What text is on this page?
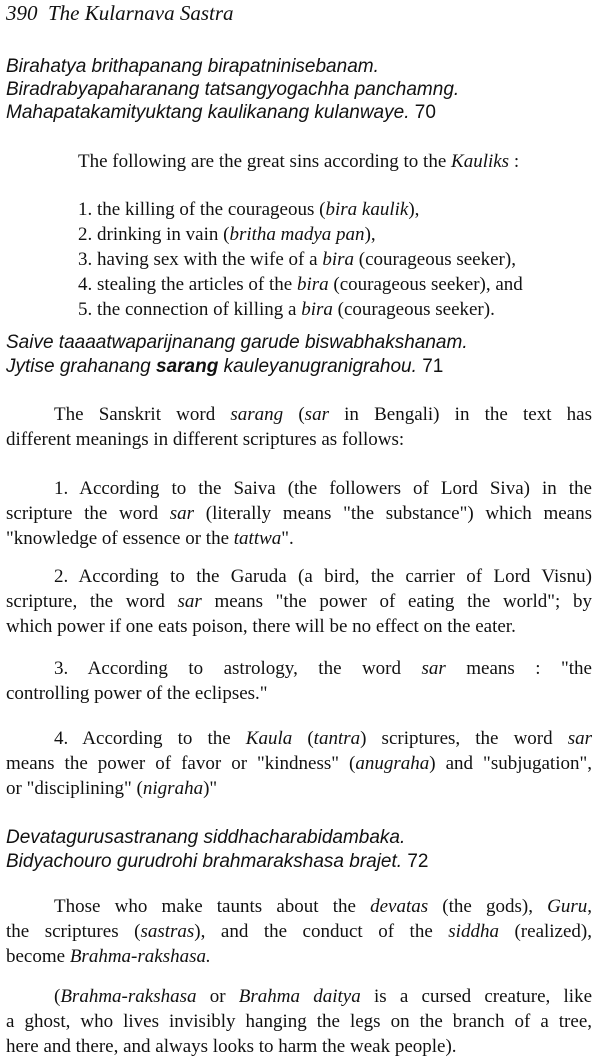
390 The Kularnava Sastra
Birahatya brithapanang birapatninisebanam.
Biradrabyapaharanang tatsangyogachha panchamng.
Mahapatakamityuktang kaulikanang kulanwaye. 70
The following are the great sins according to the Kauliks :
1. the killing of the courageous (bira kaulik),
2. drinking in vain (britha madya pan),
3. having sex with the wife of a bira (courageous seeker),
4. stealing the articles of the bira (courageous seeker), and
5. the connection of killing a bira (courageous seeker).
Saive taaaatwaparijnanang garude biswabhakshanam.
Jytise grahanang sarang kauleyanugranigrahou. 71
The Sanskrit word sarang (sar in Bengali) in the text has
different meanings in different scriptures as follows:
1. According to the Saiva (the followers of Lord Siva) in the
scripture the word sar (literally means "the substance") which means
"knowledge of essence or the tattwa".
2. According to the Garuda (a bird, the carrier of Lord Visnu)
scripture, the word sar means "the power of eating the world"; by
which power if one eats poison, there will be no effect on the eater.
3. According to astrology, the word sar means : "the
controlling power of the eclipses."
4. According to the Kaula (tantra) scriptures, the word sar
means the power of favor or "kindness" (anugraha) and "subjugation",
or "disciplining" (nigraha)"
Devatagurusastranang siddhacharabidambaka.
Bidyachouro gurudrohi brahmarakshasa brajet. 72
Those who make taunts about the devatas (the gods), Guru,
the scriptures (sastras), and the conduct of the siddha (realized),
become Brahma-rakshasa.
(Brahma-rakshasa or Brahma daitya is a cursed creature, like
a ghost, who lives invisibly hanging the legs on the branch of a tree,
here and there, and always looks to harm the weak people).
